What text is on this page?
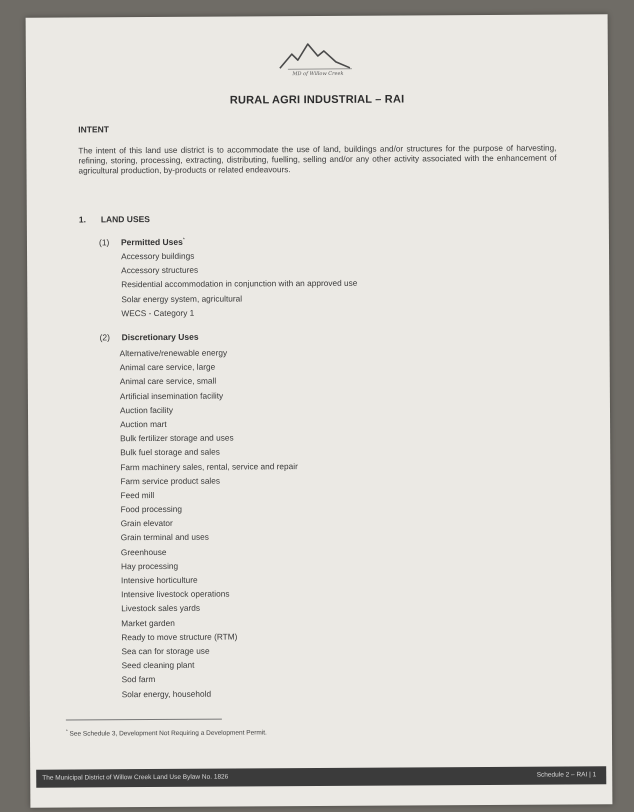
MD of Willow Creek
RURAL AGRI INDUSTRIAL – RAI
INTENT
The intent of this land use district is to accommodate the use of land, buildings and/or structures for the purpose of harvesting, refining, storing, processing, extracting, distributing, fuelling, selling and/or any other activity associated with the enhancement of agricultural production, by-products or related endeavours.
1. LAND USES
(1) Permitted Uses*
Accessory buildings
Accessory structures
Residential accommodation in conjunction with an approved use
Solar energy system, agricultural
WECS - Category 1
(2) Discretionary Uses
Alternative/renewable energy
Animal care service, large
Animal care service, small
Artificial insemination facility
Auction facility
Auction mart
Bulk fertilizer storage and uses
Bulk fuel storage and sales
Farm machinery sales, rental, service and repair
Farm service product sales
Feed mill
Food processing
Grain elevator
Grain terminal and uses
Greenhouse
Hay processing
Intensive horticulture
Intensive livestock operations
Livestock sales yards
Market garden
Ready to move structure (RTM)
Sea can for storage use
Seed cleaning plant
Sod farm
Solar energy, household
* See Schedule 3, Development Not Requiring a Development Permit.
The Municipal District of Willow Creek Land Use Bylaw No. 1826	Schedule 2 – RAI | 1
